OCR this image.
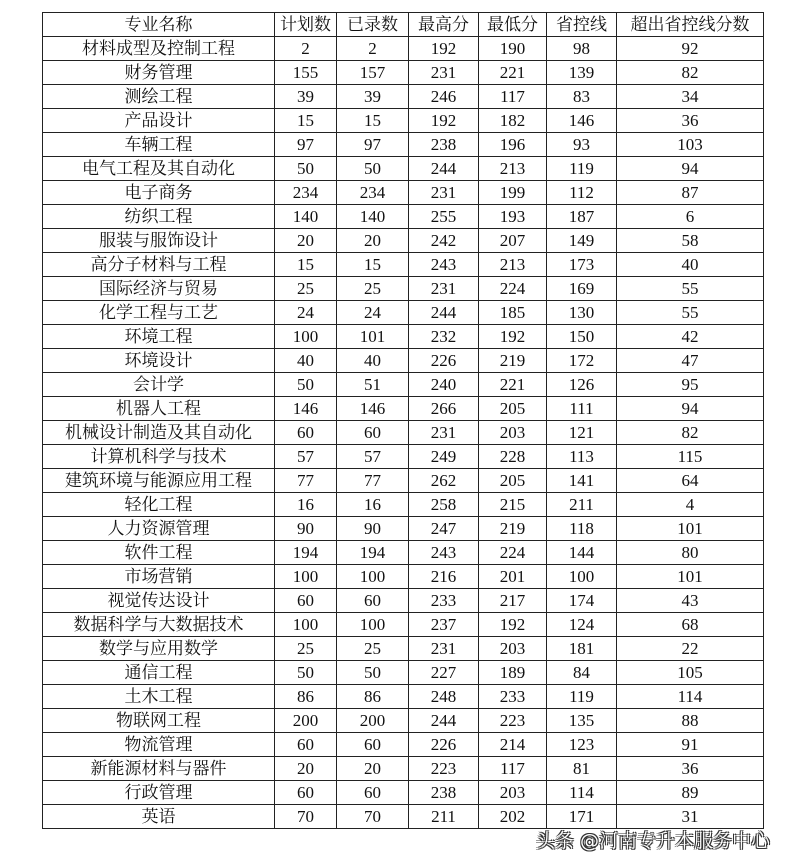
专业名称	计划数	已录数	最高分	最低分	省控线	超出省控线分数
材料成型及控制工程	2	2	192	190	98	92
财务管理	155	157	231	221	139	82
测绘工程	39	39	246	117	83	34
产品设计	15	15	192	182	146	36
车辆工程	97	97	238	196	93	103
电气工程及其自动化	50	50	244	213	119	94
电子商务	234	234	231	199	112	87
纺织工程	140	140	255	193	187	6
服装与服饰设计	20	20	242	207	149	58
高分子材料与工程	15	15	243	213	173	40
国际经济与贸易	25	25	231	224	169	55
化学工程与工艺	24	24	244	185	130	55
环境工程	100	101	232	192	150	42
环境设计	40	40	226	219	172	47
会计学	50	51	240	221	126	95
机器人工程	146	146	266	205	111	94
机械设计制造及其自动化	60	60	231	203	121	82
计算机科学与技术	57	57	249	228	113	115
建筑环境与能源应用工程	77	77	262	205	141	64
轻化工程	16	16	258	215	211	4
人力资源管理	90	90	247	219	118	101
软件工程	194	194	243	224	144	80
市场营销	100	100	216	201	100	101
视觉传达设计	60	60	233	217	174	43
数据科学与大数据技术	100	100	237	192	124	68
数学与应用数学	25	25	231	203	181	22
通信工程	50	50	227	189	84	105
土木工程	86	86	248	233	119	114
物联网工程	200	200	244	223	135	88
物流管理	60	60	226	214	123	91
新能源材料与器件	20	20	223	117	81	36
行政管理	60	60	238	203	114	89
英语	70	70	211	202	171	31
头条 @河南专升本服务中心
